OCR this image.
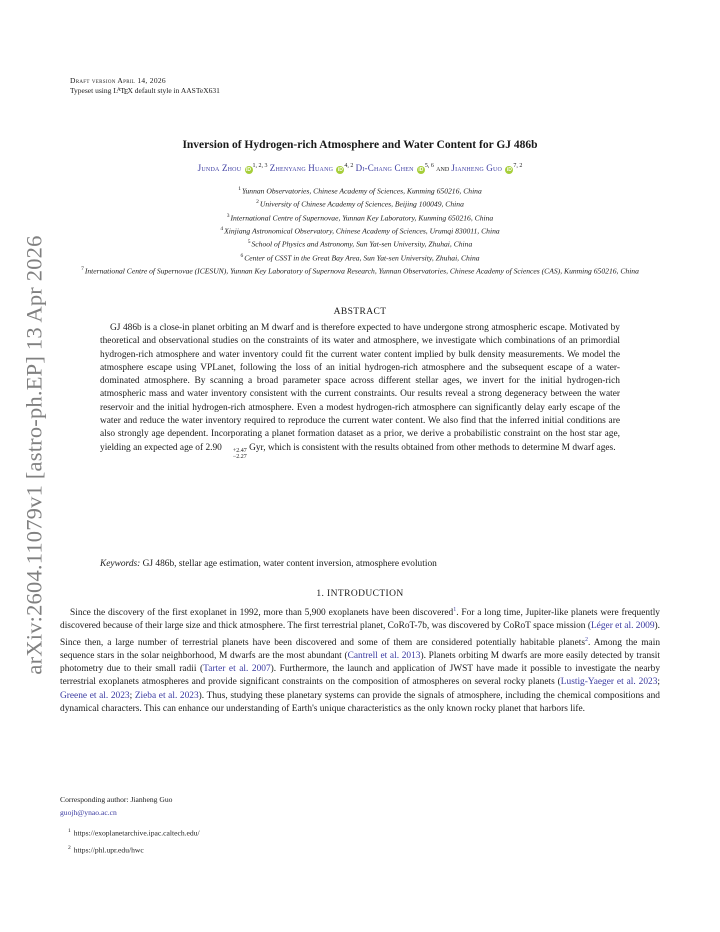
arXiv:2604.11079v1 [astro-ph.EP] 13 Apr 2026
Draft version April 14, 2026
Typeset using $L^ATEX$ default style in AASTeX631
Inversion of Hydrogen-rich Atmosphere and Water Content for GJ 486b
Junda Zhou iD$^{1, 2, 3}$ Zhenyang Huang iD$^{4, 2}$ Di-Chang Chen iD$^{5, 6}$ and Jianheng Guo iD$^{7, 2}$
$^1$Yunnan Observatories, Chinese Academy of Sciences, Kunming 650216, China
$^2$University of Chinese Academy of Sciences, Beijing 100049, China
$^3$International Centre of Supernovae, Yunnan Key Laboratory, Kunming 650216, China
$^4$Xinjiang Astronomical Observatory, Chinese Academy of Sciences, Urumqi 830011, China
$^5$School of Physics and Astronomy, Sun Yat-sen University, Zhuhai, China
$^6$Center of CSST in the Great Bay Area, Sun Yat-sen University, Zhuhai, China
$^7$International Centre of Supernovae (ICESUN), Yunnan Key Laboratory of Supernova Research, Yunnan Observatories, Chinese Academy of Sciences (CAS), Kunming 650216, China
ABSTRACT

GJ 486b is a close-in planet orbiting an M dwarf and is therefore expected to have undergone strong atmospheric escape. Motivated by theoretical and observational studies on the constraints of its water and atmosphere, we investigate which combinations of an primordial hydrogen-rich atmosphere and water inventory could fit the current water content implied by bulk density measurements. We model the atmosphere escape using VPLanet, following the loss of an initial hydrogen-rich atmosphere and the subsequent escape of a water-dominated atmosphere. By scanning a broad parameter space across different stellar ages, we invert for the initial hydrogen-rich atmospheric mass and water inventory consistent with the current constraints. Our results reveal a strong degeneracy between the water reservoir and the initial hydrogen-rich atmosphere. Even a modest hydrogen-rich atmosphere can significantly delay early escape of the water and reduce the water inventory required to reproduce the current water content. We also find that the inferred initial conditions are also strongly age dependent. Incorporating a planet formation dataset as a prior, we derive a probabilistic constraint on the host star age, yielding an expected age of 2.90	+2.47
−2.27
Gyr, which is consistent with the results obtained from other methods to determine M dwarf ages.

Keywords: GJ 486b, stellar age estimation, water content inversion, atmosphere evolution
1. INTRODUCTION

Since the discovery of the first exoplanet in 1992, more than 5,900 exoplanets have been discovered$^1$. For a long time, Jupiter-like planets were frequently discovered because of their large size and thick atmosphere. The first terrestrial planet, CoRoT-7b, was discovered by CoRoT space mission (Léger et al. 2009). Since then, a large number of terrestrial planets have been discovered and some of them are considered potentially habitable planets$^2$. Among the main sequence stars in the solar neighborhood, M dwarfs are the most abundant (Cantrell et al. 2013). Planets orbiting M dwarfs are more easily detected by transit photometry due to their small radii (Tarter et al. 2007). Furthermore, the launch and application of JWST have made it possible to investigate the nearby terrestrial exoplanets atmospheres and provide significant constraints on the composition of atmospheres on several rocky planets (Lustig-Yaeger et al. 2023; Greene et al. 2023; Zieba et al. 2023). Thus, studying these planetary systems can provide the signals of atmosphere, including the chemical compositions and dynamical characters. This can enhance our understanding of Earth's unique characteristics as the only known rocky planet that harbors life.

Corresponding author: Jianheng Guo
guojh@ynao.ac.cn
$^1$ https://exoplanetarchive.ipac.caltech.edu/
$^2$ https://phl.upr.edu/hwc
